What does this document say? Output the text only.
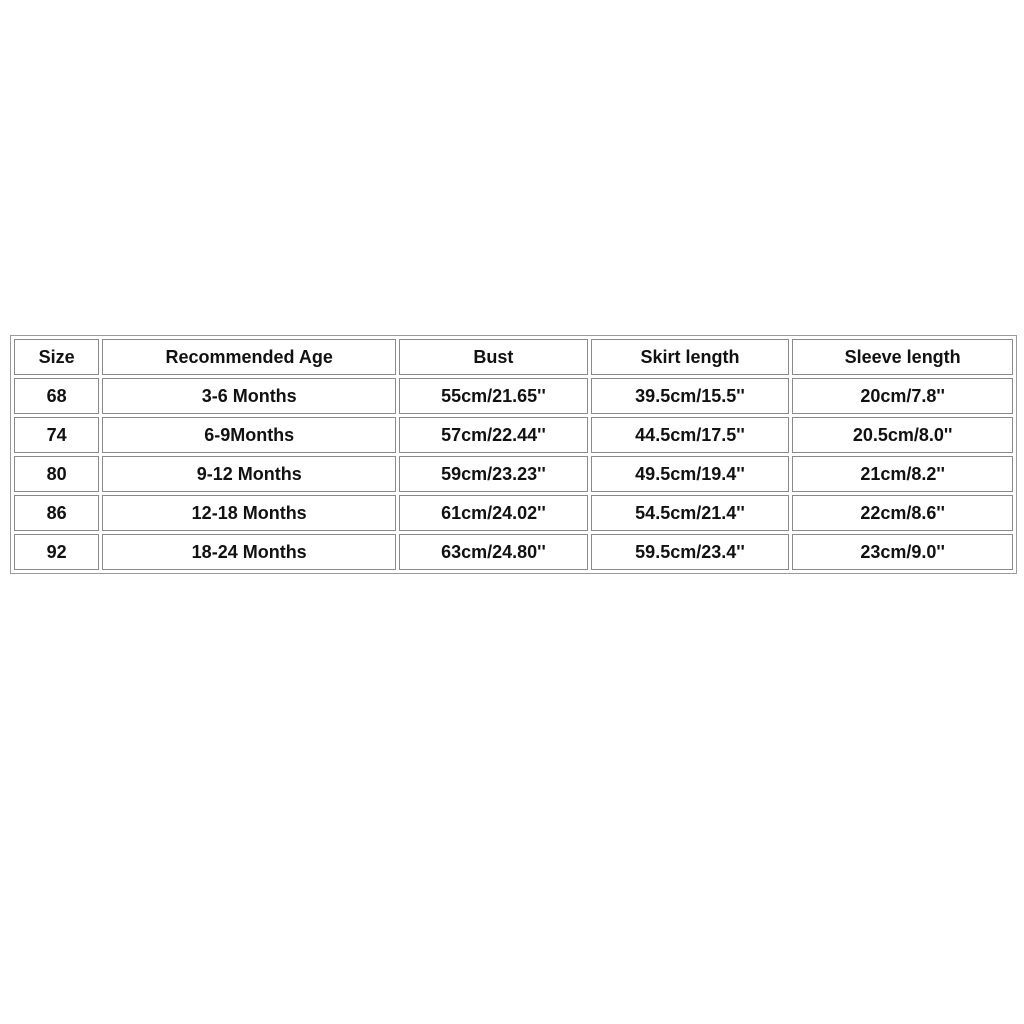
Size	Recommended Age	Bust	Skirt length	Sleeve length
68	3-6 Months	55cm/21.65''	39.5cm/15.5''	20cm/7.8''
74	6-9Months	57cm/22.44''	44.5cm/17.5''	20.5cm/8.0''
80	9-12 Months	59cm/23.23''	49.5cm/19.4''	21cm/8.2''
86	12-18 Months	61cm/24.02''	54.5cm/21.4''	22cm/8.6''
92	18-24 Months	63cm/24.80''	59.5cm/23.4''	23cm/9.0''
